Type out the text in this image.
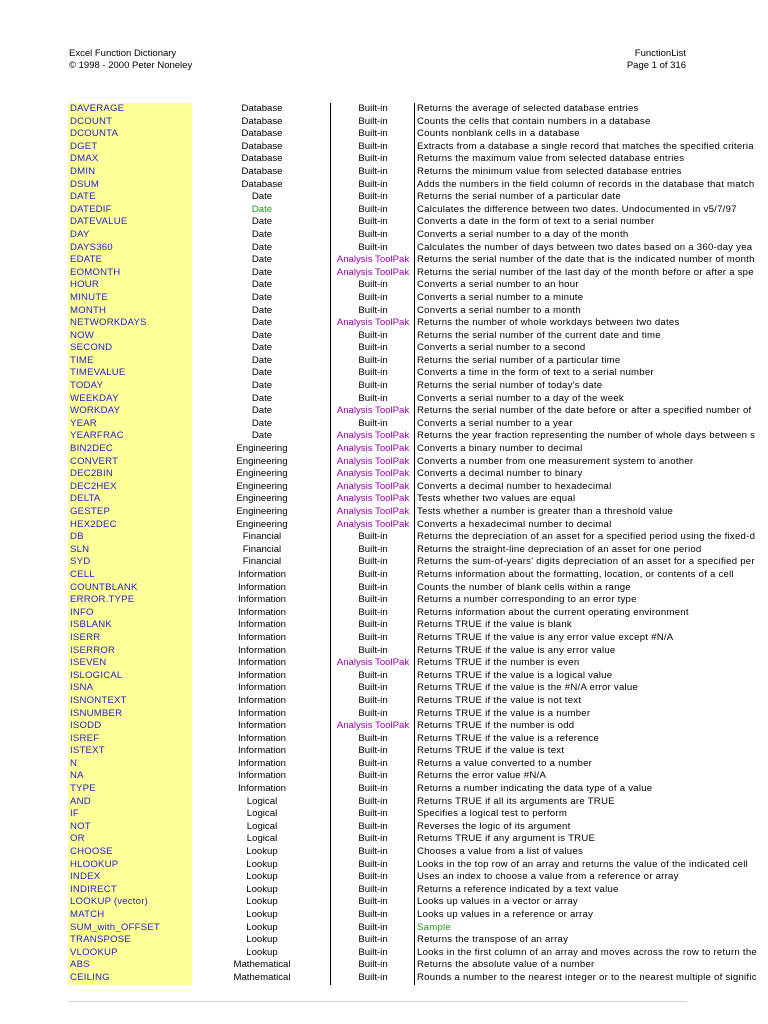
Excel Function Dictionary
© 1998 - 2000 Peter Noneley
FunctionList
Page 1 of 316
DAVERAGE	Database	Built-in	Returns the average of selected database entries
DCOUNT	Database	Built-in	Counts the cells that contain numbers in a database
DCOUNTA	Database	Built-in	Counts nonblank cells in a database
DGET	Database	Built-in	Extracts from a database a single record that matches the specified criteria
DMAX	Database	Built-in	Returns the maximum value from selected database entries
DMIN	Database	Built-in	Returns the minimum value from selected database entries
DSUM	Database	Built-in	Adds the numbers in the field column of records in the database that match
DATE	Date	Built-in	Returns the serial number of a particular date
DATEDIF	Date	Built-in	Calculates the difference between two dates. Undocumented in v5/7/97
DATEVALUE	Date	Built-in	Converts a date in the form of text to a serial number
DAY	Date	Built-in	Converts a serial number to a day of the month
DAYS360	Date	Built-in	Calculates the number of days between two dates based on a 360-day yea
EDATE	Date	Analysis ToolPak Returns the serial number of the date that is the indicated number of month
EOMONTH	Date	Analysis ToolPak Returns the serial number of the last day of the month before or after a spe
HOUR	Date	Built-in	Converts a serial number to an hour
MINUTE	Date	Built-in	Converts a serial number to a minute
MONTH	Date	Built-in	Converts a serial number to a month
NETWORKDAYS	Date	Analysis ToolPak Returns the number of whole workdays between two dates
NOW	Date	Built-in	Returns the serial number of the current date and time
SECOND	Date	Built-in	Converts a serial number to a second
TIME	Date	Built-in	Returns the serial number of a particular time
TIMEVALUE	Date	Built-in	Converts a time in the form of text to a serial number
TODAY	Date	Built-in	Returns the serial number of today's date
WEEKDAY	Date	Built-in	Converts a serial number to a day of the week
WORKDAY	Date	Analysis ToolPak Returns the serial number of the date before or after a specified number of
YEAR	Date	Built-in	Converts a serial number to a year
YEARFRAC	Date	Analysis ToolPak Returns the year fraction representing the number of whole days between s
BIN2DEC	Engineering	Analysis ToolPak Converts a binary number to decimal
CONVERT	Engineering	Analysis ToolPak Converts a number from one measurement system to another
DEC2BIN	Engineering	Analysis ToolPak Converts a decimal number to binary
DEC2HEX	Engineering	Analysis ToolPak Converts a decimal number to hexadecimal
DELTA	Engineering	Analysis ToolPak Tests whether two values are equal
GESTEP	Engineering	Analysis ToolPak Tests whether a number is greater than a threshold value
HEX2DEC	Engineering	Analysis ToolPak Converts a hexadecimal number to decimal
DB	Financial	Built-in	Returns the depreciation of an asset for a specified period using the fixed-d
SLN	Financial	Built-in	Returns the straight-line depreciation of an asset for one period
SYD	Financial	Built-in	Returns the sum-of-years' digits depreciation of an asset for a specified per
CELL	Information	Built-in	Returns information about the formatting, location, or contents of a cell
COUNTBLANK	Information	Built-in	Counts the number of blank cells within a range
ERROR.TYPE	Information	Built-in	Returns a number corresponding to an error type
INFO	Information	Built-in	Returns information about the current operating environment
ISBLANK	Information	Built-in	Returns TRUE if the value is blank
ISERR	Information	Built-in	Returns TRUE if the value is any error value except #N/A
ISERROR	Information	Built-in	Returns TRUE if the value is any error value
ISEVEN	Information	Analysis ToolPak Returns TRUE if the number is even
ISLOGICAL	Information	Built-in	Returns TRUE if the value is a logical value
ISNA	Information	Built-in	Returns TRUE if the value is the #N/A error value
ISNONTEXT	Information	Built-in	Returns TRUE if the value is not text
ISNUMBER	Information	Built-in	Returns TRUE if the value is a number
ISODD	Information	Analysis ToolPak Returns TRUE if the number is odd
ISREF	Information	Built-in	Returns TRUE if the value is a reference
ISTEXT	Information	Built-in	Returns TRUE if the value is text
N	Information	Built-in	Returns a value converted to a number
NA	Information	Built-in	Returns the error value #N/A
TYPE	Information	Built-in	Returns a number indicating the data type of a value
AND	Logical	Built-in	Returns TRUE if all its arguments are TRUE
IF	Logical	Built-in	Specifies a logical test to perform
NOT	Logical	Built-in	Reverses the logic of its argument
OR	Logical	Built-in	Returns TRUE if any argument is TRUE
CHOOSE	Lookup	Built-in	Chooses a value from a list of values
HLOOKUP	Lookup	Built-in	Looks in the top row of an array and returns the value of the indicated cell
INDEX	Lookup	Built-in	Uses an index to choose a value from a reference or array
INDIRECT	Lookup	Built-in	Returns a reference indicated by a text value
LOOKUP (vector)	Lookup	Built-in	Looks up values in a vector or array
MATCH	Lookup	Built-in	Looks up values in a reference or array
SUM_with_OFFSET	Lookup	Built-in	Sample
TRANSPOSE	Lookup	Built-in	Returns the transpose of an array
VLOOKUP	Lookup	Built-in	Looks in the first column of an array and moves across the row to return the
ABS	Mathematical	Built-in	Returns the absolute value of a number
CEILING	Mathematical	Built-in	Rounds a number to the nearest integer or to the nearest multiple of signific
